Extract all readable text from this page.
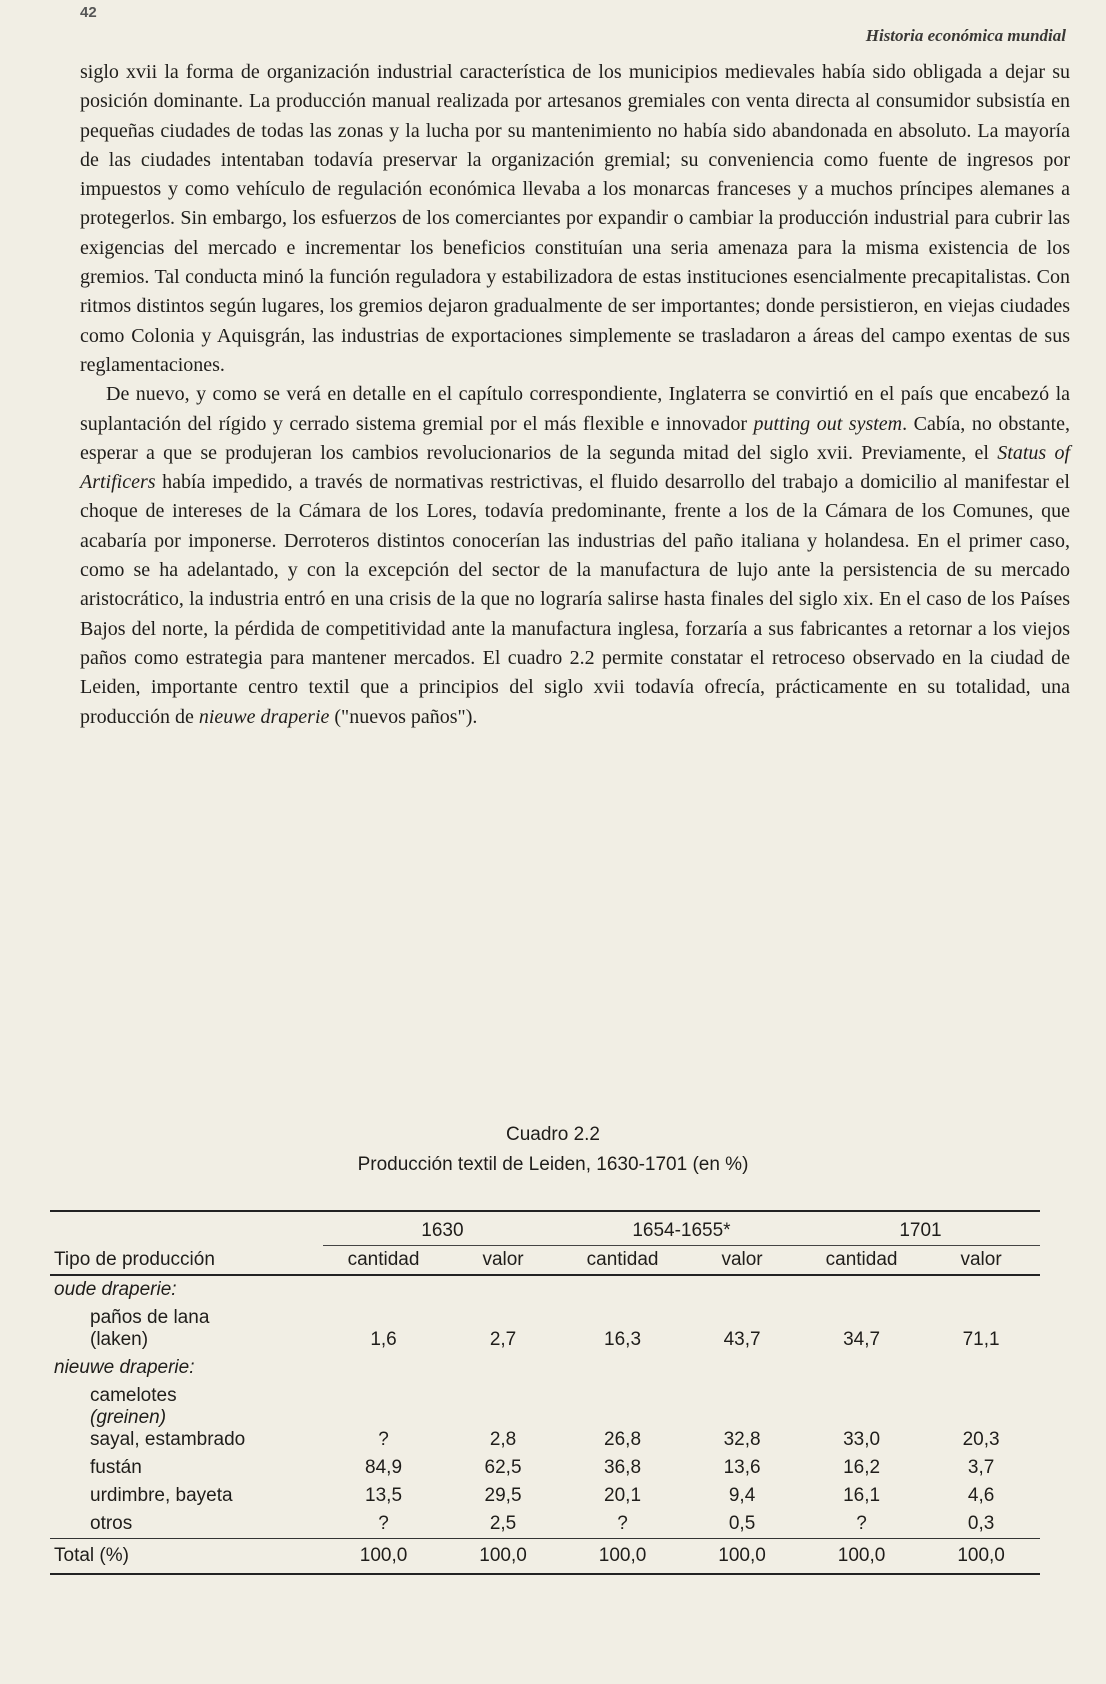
42
Historia económica mundial

siglo xvii la forma de organización industrial característica de los municipios medievales había sido obligada a dejar su posición dominante. La producción manual realizada por artesanos gremiales con venta directa al consumidor subsistía en pequeñas ciudades de todas las zonas y la lucha por su mantenimiento no había sido abandonada en absoluto. La mayoría de las ciudades intentaban todavía preservar la organización gremial; su conveniencia como fuente de ingresos por impuestos y como vehículo de regulación económica llevaba a los monarcas franceses y a muchos príncipes alemanes a protegerlos. Sin embargo, los esfuerzos de los comerciantes por expandir o cambiar la producción industrial para cubrir las exigencias del mercado e incrementar los beneficios constituían una seria amenaza para la misma existencia de los gremios. Tal conducta minó la función reguladora y estabilizadora de estas instituciones esencialmente precapitalistas. Con ritmos distintos según lugares, los gremios dejaron gradualmente de ser importantes; donde persistieron, en viejas ciudades como Colonia y Aquisgrán, las industrias de exportaciones simplemente se trasladaron a áreas del campo exentas de sus reglamentaciones.

De nuevo, y como se verá en detalle en el capítulo correspondiente, Inglaterra se convirtió en el país que encabezó la suplantación del rígido y cerrado sistema gremial por el más flexible e innovador putting out system. Cabía, no obstante, esperar a que se produjeran los cambios revolucionarios de la segunda mitad del siglo xvii. Previamente, el Status of Artificers había impedido, a través de normativas restrictivas, el fluido desarrollo del trabajo a domicilio al manifestar el choque de intereses de la Cámara de los Lores, todavía predominante, frente a los de la Cámara de los Comunes, que acabaría por imponerse. Derroteros distintos conocerían las industrias del paño italiana y holandesa. En el primer caso, como se ha adelantado, y con la excepción del sector de la manufactura de lujo ante la persistencia de su mercado aristocrático, la industria entró en una crisis de la que no lograría salirse hasta finales del siglo xix. En el caso de los Países Bajos del norte, la pérdida de competitividad ante la manufactura inglesa, forzaría a sus fabricantes a retornar a los viejos paños como estrategia para mantener mercados. El cuadro 2.2 permite constatar el retroceso observado en la ciudad de Leiden, importante centro textil que a principios del siglo xvii todavía ofrecía, prácticamente en su totalidad, una producción de nieuwe draperie ("nuevos paños").

Cuadro 2.2
Producción textil de Leiden, 1630-1701 (en %)
	1630		1654-1655*		1701	
Tipo de producción	cantidad	valor	cantidad	valor	cantidad	valor
oude draperie:						
paños de lana
(laken)	1,6	2,7	16,3	43,7	34,7	71,1
nieuwe draperie:						
camelotes
(greinen)
sayal, estambrado	?	2,8	26,8	32,8	33,0	20,3
fustán	84,9	62,5	36,8	13,6	16,2	3,7
urdimbre, bayeta	13,5	29,5	20,1	9,4	16,1	4,6
otros	?	2,5	?	0,5	?	0,3
Total (%)	100,0	100,0	100,0	100,0	100,0	100,0
